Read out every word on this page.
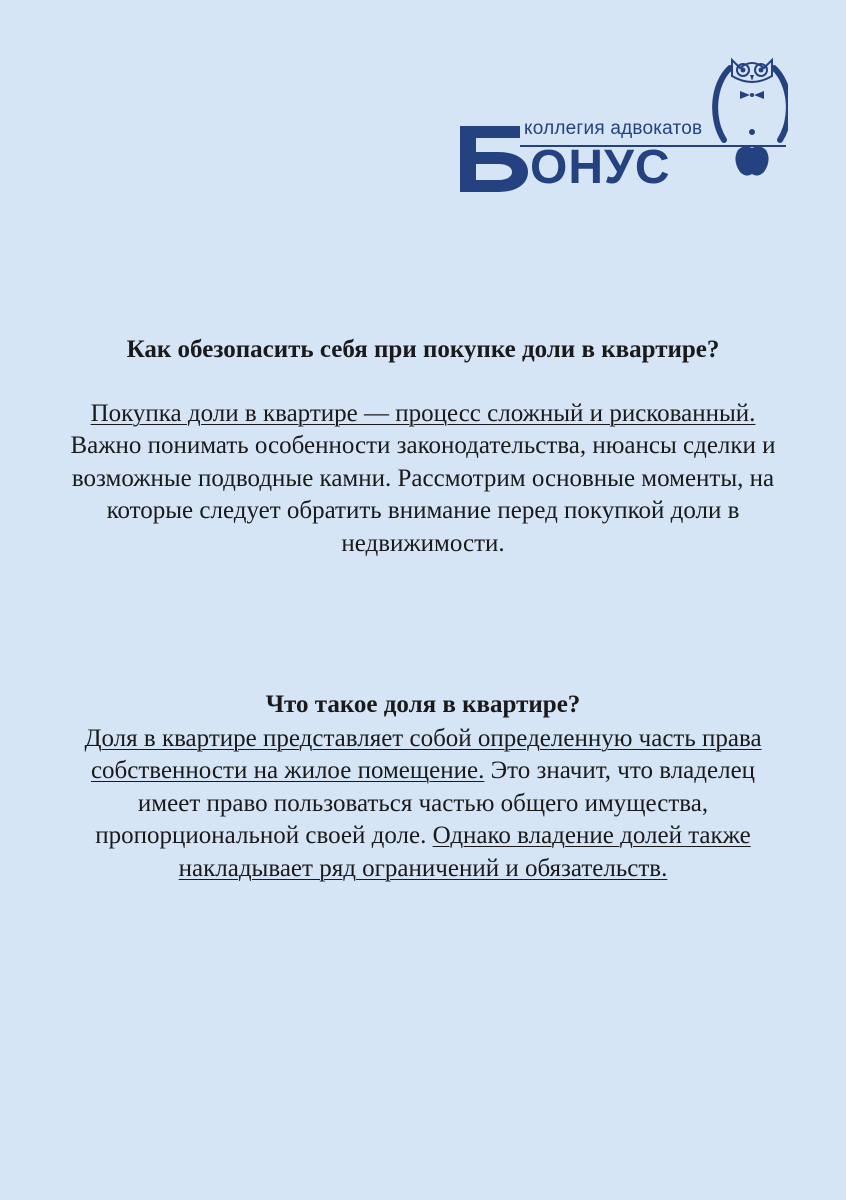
коллегия адвокатов
ОНУС
Как обезопасить себя при покупке доли в квартире?

Покупка доли в квартире — процесс сложный и рискованный. Важно понимать особенности законодательства, нюансы сделки и возможные подводные камни. Рассмотрим основные моменты, на которые следует обратить внимание перед покупкой доли в недвижимости.

Что такое доля в квартире?

Доля в квартире представляет собой определенную часть права собственности на жилое помещение. Это значит, что владелец имеет право пользоваться частью общего имущества, пропорциональной своей доле. Однако владение долей также накладывает ряд ограничений и обязательств.
